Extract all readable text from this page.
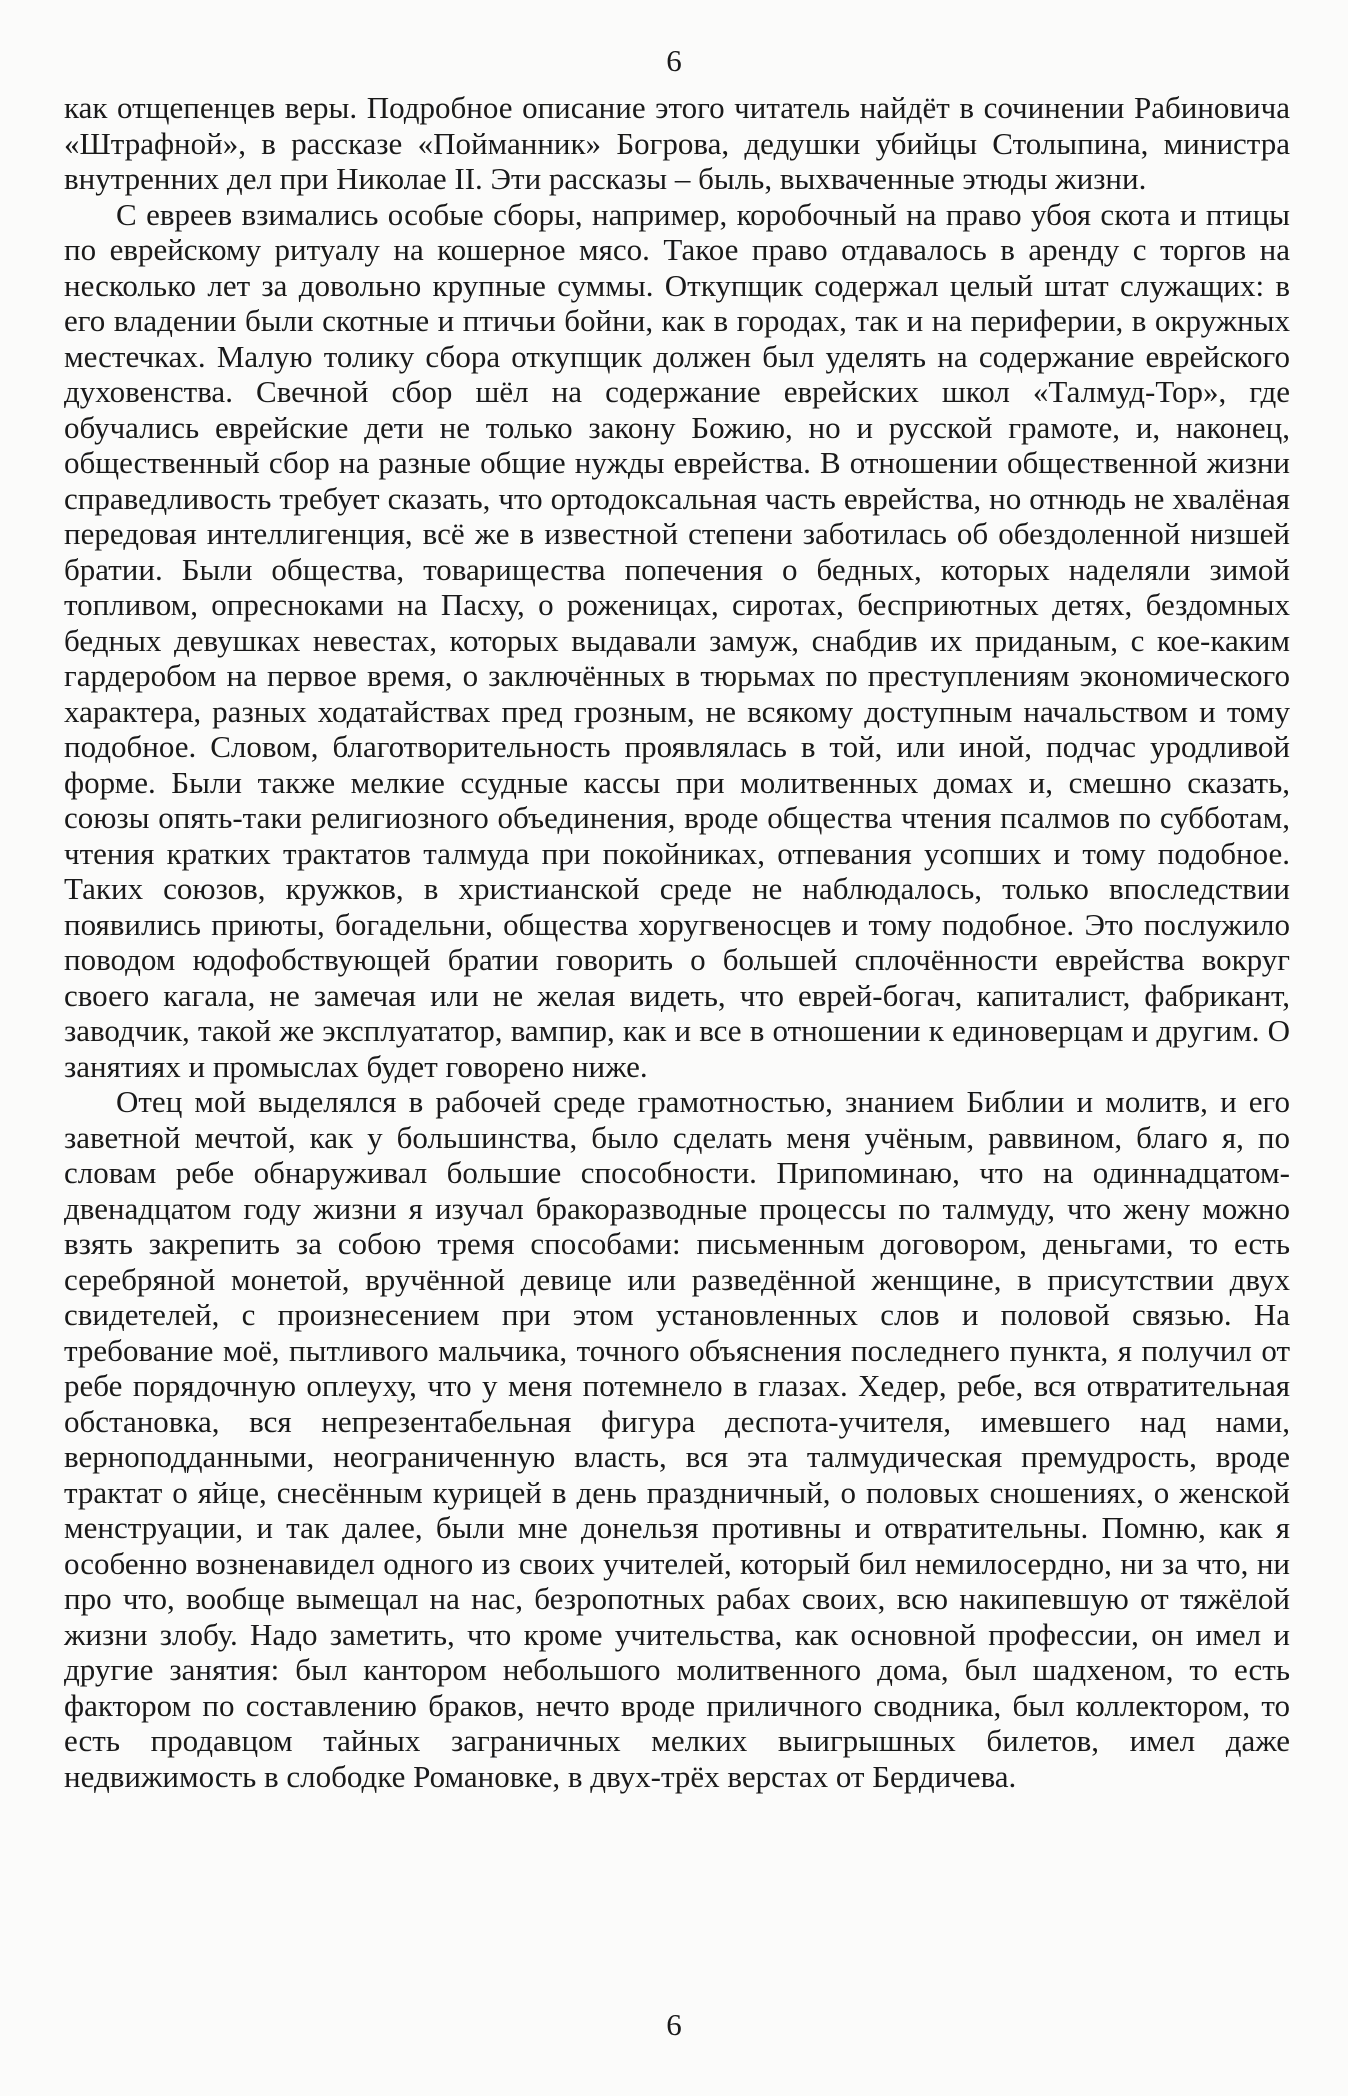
6

как отщепенцев веры. Подробное описание этого читатель найдёт в сочинении Рабиновича «Штрафной», в рассказе «Пойманник» Богрова, дедушки убийцы Столыпина, министра внутренних дел при Николае II. Эти рассказы – быль, выхваченные этюды жизни.

С евреев взимались особые сборы, например, коробочный на право убоя скота и птицы по еврейскому ритуалу на кошерное мясо. Такое право отдавалось в аренду с торгов на несколько лет за довольно крупные суммы. Откупщик содержал целый штат служащих: в его владении были скотные и птичьи бойни, как в городах, так и на периферии, в окружных местечках. Малую толику сбора откупщик должен был уделять на содержание еврейского духовенства. Свечной сбор шёл на содержание еврейских школ «Талмуд-Тор», где обучались еврейские дети не только закону Божию, но и русской грамоте, и, наконец, общественный сбор на разные общие нужды еврейства. В отношении общественной жизни справедливость требует сказать, что ортодоксальная часть еврейства, но отнюдь не хвалёная передовая интеллигенция, всё же в известной степени заботилась об обездоленной низшей братии. Были общества, товарищества попечения о бедных, которых наделяли зимой топливом, опресноками на Пасху, о роженицах, сиротах, бесприютных детях, бездомных бедных девушках невестах, которых выдавали замуж, снабдив их приданым, с кое-каким гардеробом на первое время, о заключённых в тюрьмах по преступлениям экономического характера, разных ходатайствах пред грозным, не всякому доступным начальством и тому подобное. Словом, благотворительность проявлялась в той, или иной, подчас уродливой форме. Были также мелкие ссудные кассы при молитвенных домах и, смешно сказать, союзы опять-таки религиозного объединения, вроде общества чтения псалмов по субботам, чтения кратких трактатов талмуда при покойниках, отпевания усопших и тому подобное. Таких союзов, кружков, в христианской среде не наблюдалось, только впоследствии появились приюты, богадельни, общества хоругвеносцев и тому подобное. Это послужило поводом юдофобствующей братии говорить о большей сплочённости еврейства вокруг своего кагала, не замечая или не желая видеть, что еврей-богач, капиталист, фабрикант, заводчик, такой же эксплуататор, вампир, как и все в отношении к единоверцам и другим. О занятиях и промыслах будет говорено ниже.

Отец мой выделялся в рабочей среде грамотностью, знанием Библии и молитв, и его заветной мечтой, как у большинства, было сделать меня учёным, раввином, благо я, по словам ребе обнаруживал большие способности. Припоминаю, что на одиннадцатом-двенадцатом году жизни я изучал бракоразводные процессы по талмуду, что жену можно взять закрепить за собою тремя способами: письменным договором, деньгами, то есть серебряной монетой, вручённой девице или разведённой женщине, в присутствии двух свидетелей, с произнесением при этом установленных слов и половой связью. На требование моё, пытливого мальчика, точного объяснения последнего пункта, я получил от ребе порядочную оплеуху, что у меня потемнело в глазах. Хедер, ребе, вся отвратительная обстановка, вся непрезентабельная фигура деспота-учителя, имевшего над нами, верноподданными, неограниченную власть, вся эта талмудическая премудрость, вроде трактат о яйце, снесённым курицей в день праздничный, о половых сношениях, о женской менструации, и так далее, были мне донельзя противны и отвратительны. Помню, как я особенно возненавидел одного из своих учителей, который бил немилосердно, ни за что, ни про что, вообще вымещал на нас, безропотных рабах своих, всю накипевшую от тяжёлой жизни злобу. Надо заметить, что кроме учительства, как основной профессии, он имел и другие занятия: был кантором небольшого молитвенного дома, был шадхеном, то есть фактором по составлению браков, нечто вроде приличного сводника, был коллектором, то есть продавцом тайных заграничных мелких выигрышных билетов, имел даже недвижимость в слободке Романовке, в двух-трёх верстах от Бердичева.

6
